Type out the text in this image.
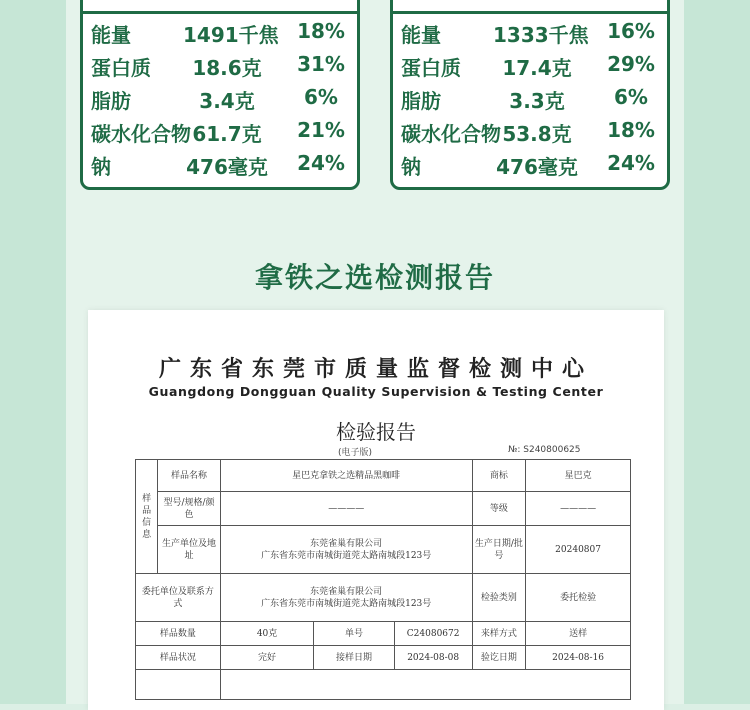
能量	1491千焦 18%
蛋白质	18.6克	31%
脂肪	3.4克	6%
碳水化合物 61.7克	21%
钠	476毫克	24%
能量	1333千焦 16%
蛋白质	17.4克	29%
脂肪	3.3克	6%
碳水化合物 53.8克	18%
钠	476毫克	24%
拿铁之选检测报告
广东省东莞市质量监督检测中心
Guangdong Dongguan Quality Supervision & Testing Center
检验报告
(电子版)	№: S240800625
样品信息	样品名称	星巴克拿铁之选精品黑咖啡			商标	星巴克
	型号/规格/颜色	————			等级	————
	生产单位及地址	东莞雀巢有限公司
广东省东莞市南城街道莞太路南城段123号			生产日期/批号	20240807
委托单位及联系方式		东莞雀巢有限公司
广东省东莞市南城街道莞太路南城段123号			检验类别	委托检验
样品数量		40克	单号	C24080672	来样方式	送样
样品状况		完好	接样日期	2024-08-08	验讫日期	2024-08-16
